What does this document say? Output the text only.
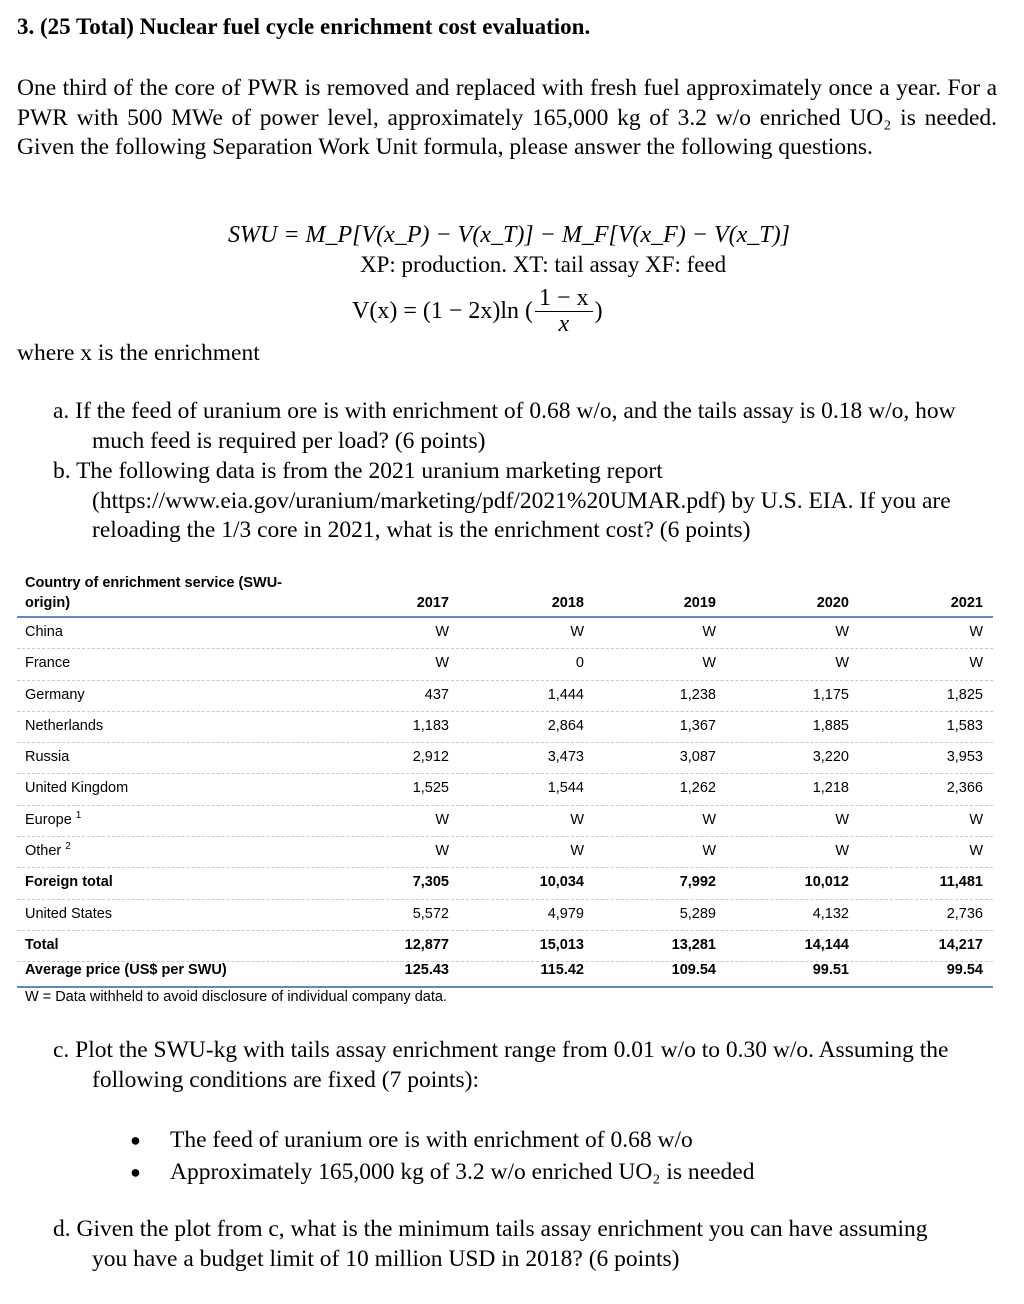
3. (25 Total) Nuclear fuel cycle enrichment cost evaluation.
One third of the core of PWR is removed and replaced with fresh fuel approximately once a year. For a PWR with 500 MWe of power level, approximately 165,000 kg of 3.2 w/o enriched UO₂ is needed. Given the following Separation Work Unit formula, please answer the following questions.
SWU = M_P[V(x_P) − V(x_T)] − M_F[V(x_F) − V(x_T)]
XP: production. XT: tail assay XF: feed
V(x) = (1 − 2x)ln ( $\frac{1 - x}{x}$ )
where x is the enrichment
a. If the feed of uranium ore is with enrichment of 0.68 w/o, and the tails assay is 0.18 w/o, how much feed is required per load? (6 points)
b. The following data is from the 2021 uranium marketing report (https://www.eia.gov/uranium/marketing/pdf/2021%20UMAR.pdf) by U.S. EIA. If you are reloading the 1/3 core in 2021, what is the enrichment cost? (6 points)
Country of enrichment service (SWU-origin)	2017	2018	2019	2020	2021
China	W	W	W	W	W
France	W	0	W	W	W
Germany	437	1,444	1,238	1,175	1,825
Netherlands	1,183	2,864	1,367	1,885	1,583
Russia	2,912	3,473	3,087	3,220	3,953
United Kingdom	1,525	1,544	1,262	1,218	2,366
Europe $^1$	W	W	W	W	W
Other $^2$	W	W	W	W	W
Foreign total	7,305	10,034	7,992	10,012	11,481
United States	5,572	4,979	5,289	4,132	2,736
Total	12,877	15,013	13,281	14,144	14,217
Average price (US$ per SWU)	125.43	115.42	109.54	99.51	99.54
W = Data withheld to avoid disclosure of individual company data.
c. Plot the SWU-kg with tails assay enrichment range from 0.01 w/o to 0.30 w/o. Assuming the following conditions are fixed (7 points):
●	The feed of uranium ore is with enrichment of 0.68 w/o
●	Approximately 165,000 kg of 3.2 w/o enriched UO₂ is needed
d. Given the plot from c, what is the minimum tails assay enrichment you can have assuming you have a budget limit of 10 million USD in 2018? (6 points)
